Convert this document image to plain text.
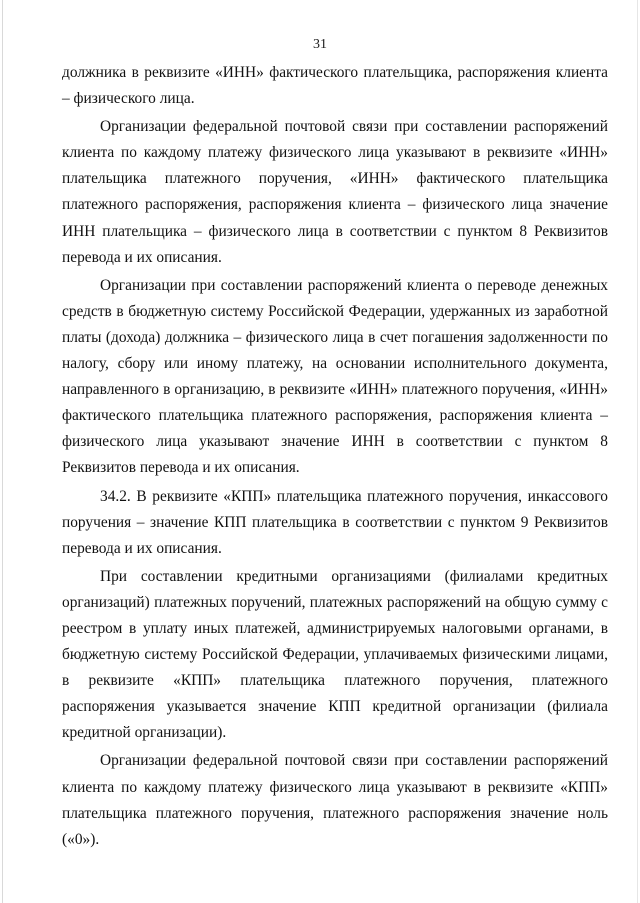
31

должника в реквизите «ИНН» фактического плательщика, распоряжения клиента – физического лица.

Организации федеральной почтовой связи при составлении распоряжений клиента по каждому платежу физического лица указывают в реквизите «ИНН» плательщика платежного поручения, «ИНН» фактического плательщика платежного распоряжения, распоряжения клиента – физического лица значение ИНН плательщика – физического лица в соответствии с пунктом 8 Реквизитов перевода и их описания.

Организации при составлении распоряжений клиента о переводе денежных средств в бюджетную систему Российской Федерации, удержанных из заработной платы (дохода) должника – физического лица в счет погашения задолженности по налогу, сбору или иному платежу, на основании исполнительного документа, направленного в организацию, в реквизите «ИНН» платежного поручения, «ИНН» фактического плательщика платежного распоряжения, распоряжения клиента – физического лица указывают значение ИНН в соответствии с пунктом 8 Реквизитов перевода и их описания.

34.2. В реквизите «КПП» плательщика платежного поручения, инкассового поручения – значение КПП плательщика в соответствии с пунктом 9 Реквизитов перевода и их описания.

При составлении кредитными организациями (филиалами кредитных организаций) платежных поручений, платежных распоряжений на общую сумму с реестром в уплату иных платежей, администрируемых налоговыми органами, в бюджетную систему Российской Федерации, уплачиваемых физическими лицами, в реквизите «КПП» плательщика платежного поручения, платежного распоряжения указывается значение КПП кредитной организации (филиала кредитной организации).

Организации федеральной почтовой связи при составлении распоряжений клиента по каждому платежу физического лица указывают в реквизите «КПП» плательщика платежного поручения, платежного распоряжения значение ноль («0»).
